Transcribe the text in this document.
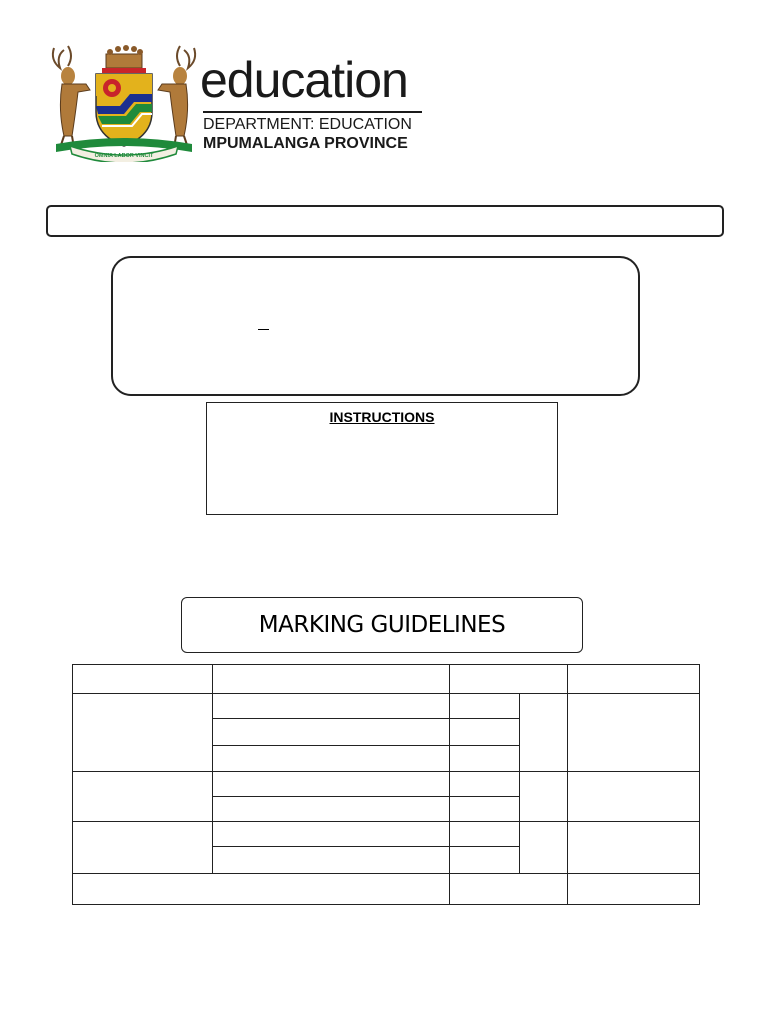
OMNIA LABOR VINCIT
education
DEPARTMENT: EDUCATION
MPUMALANGA PROVINCE
INSTRUCTIONS
MARKING GUIDELINES
